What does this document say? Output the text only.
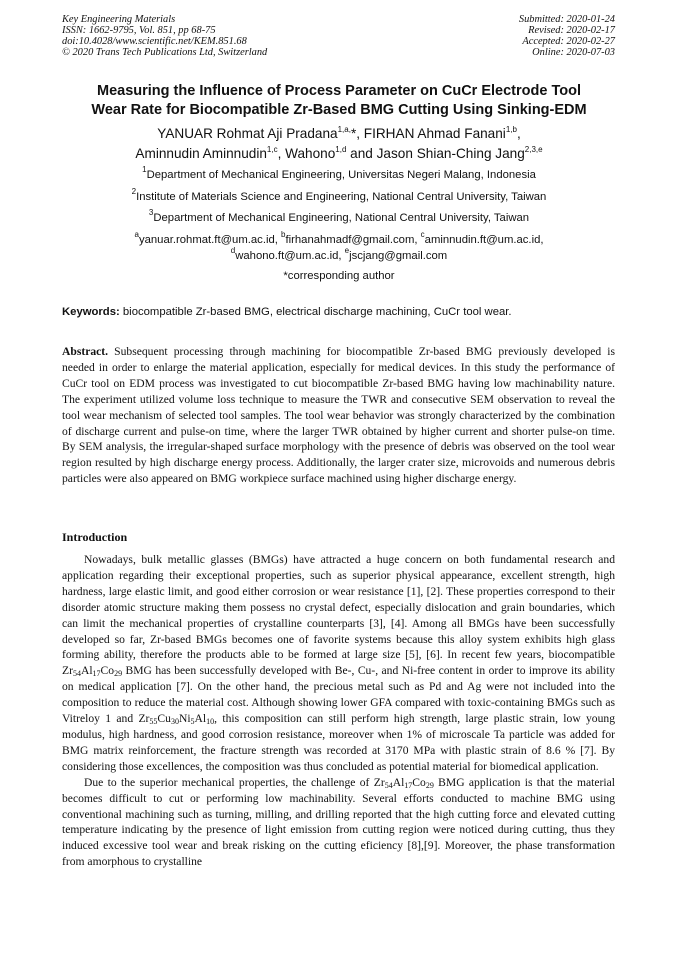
Key Engineering Materials
ISSN: 1662-9795, Vol. 851, pp 68-75
doi:10.4028/www.scientific.net/KEM.851.68
© 2020 Trans Tech Publications Ltd, Switzerland
Submitted: 2020-01-24
Revised: 2020-02-17
Accepted: 2020-02-27
Online: 2020-07-03
Measuring the Influence of Process Parameter on CuCr Electrode Tool
Wear Rate for Biocompatible Zr-Based BMG Cutting Using Sinking-EDM
YANUAR Rohmat Aji Pradana$^{1,a,}$*, FIRHAN Ahmad Fanani$^{1,b}$,
Aminnudin Aminnudin$^{1,c}$, Wahono$^{1,d}$ and Jason Shian-Ching Jang$^{2,3,e}$
$^1$Department of Mechanical Engineering, Universitas Negeri Malang, Indonesia
$^2$Institute of Materials Science and Engineering, National Central University, Taiwan
$^3$Department of Mechanical Engineering, National Central University, Taiwan
$^a$yanuar.rohmat.ft@um.ac.id, $^b$firhanahmadf@gmail.com, $^c$aminnudin.ft@um.ac.id,
$^d$wahono.ft@um.ac.id, $^e$jscjang@gmail.com
*corresponding author
Keywords: biocompatible Zr-based BMG, electrical discharge machining, CuCr tool wear.
Abstract. Subsequent processing through machining for biocompatible Zr-based BMG previously developed is needed in order to enlarge the material application, especially for medical devices. In this study the performance of CuCr tool on EDM process was investigated to cut biocompatible Zr-based BMG having low machinability nature. The experiment utilized volume loss technique to measure the TWR and consecutive SEM observation to reveal the tool wear mechanism of selected tool samples. The tool wear behavior was strongly characterized by the combination of discharge current and pulse-on time, where the larger TWR obtained by higher current and shorter pulse-on time. By SEM analysis, the irregular-shaped surface morphology with the presence of debris was observed on the tool wear region resulted by high discharge energy process. Additionally, the larger crater size, microvoids and numerous debris particles were also appeared on BMG workpiece surface machined using higher discharge energy.
Introduction

Nowadays, bulk metallic glasses (BMGs) have attracted a huge concern on both fundamental research and application regarding their exceptional properties, such as superior physical appearance, excellent strength, high hardness, large elastic limit, and good either corrosion or wear resistance [1], [2]. These properties correspond to their disorder atomic structure making them possess no crystal defect, especially dislocation and grain boundaries, which can limit the mechanical properties of crystalline counterparts [3], [4]. Among all BMGs have been successfully developed so far, Zr-based BMGs becomes one of favorite systems because this alloy system exhibits high glass forming ability, therefore the products able to be formed at large size [5], [6]. In recent few years, biocompatible $Zr_{54}Al_{17}Co_{29}$ BMG has been successfully developed with Be-, Cu-, and Ni-free content in order to improve its ability on medical application [7]. On the other hand, the precious metal such as Pd and Ag were not included into the composition to reduce the material cost. Although showing lower GFA compared with toxic-containing BMGs such as Vitreloy 1 and $Zr_{55}Cu_{30}Ni_5Al_{10}$, this composition can still perform high strength, large plastic strain, low young modulus, high hardness, and good corrosion resistance, moreover when 1% of microscale Ta particle was added for BMG matrix reinforcement, the fracture strength was recorded at 3170 MPa with plastic strain of 8.6 % [7]. By considering those excellences, the composition was thus concluded as potential material for biomedical application.

Due to the superior mechanical properties, the challenge of $Zr_{54}Al_{17}Co_{29}$ BMG application is that the material becomes difficult to cut or performing low machinability. Several efforts conducted to machine BMG using conventional machining such as turning, milling, and drilling reported that the high cutting force and elevated cutting temperature indicating by the presence of light emission from cutting region were noticed during cutting, thus they induced excessive tool wear and break risking on the cutting eficiency [8],[9]. Moreover, the phase transformation from amorphous to crystalline
